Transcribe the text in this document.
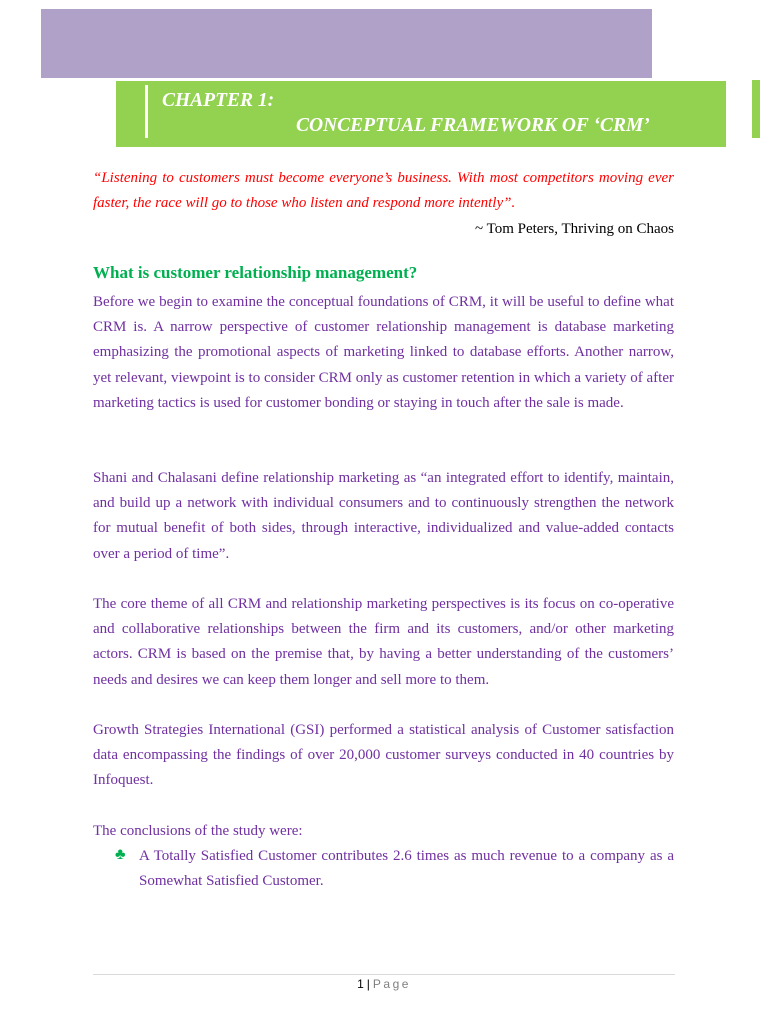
CHAPTER 1:
CONCEPTUAL FRAMEWORK OF ‘CRM’
“Listening to customers must become everyone’s business. With most competitors moving ever faster, the race will go to those who listen and respond more intently”.
~ Tom Peters, Thriving on Chaos
What is customer relationship management?

Before we begin to examine the conceptual foundations of CRM, it will be useful to define what CRM is. A narrow perspective of customer relationship management is database marketing emphasizing the promotional aspects of marketing linked to database efforts. Another narrow, yet relevant, viewpoint is to consider CRM only as customer retention in which a variety of after marketing tactics is used for customer bonding or staying in touch after the sale is made.

Shani and Chalasani define relationship marketing as “an integrated effort to identify, maintain, and build up a network with individual consumers and to continuously strengthen the network for mutual benefit of both sides, through interactive, individualized and value-added contacts over a period of time”.

The core theme of all CRM and relationship marketing perspectives is its focus on co-operative and collaborative relationships between the firm and its customers, and/or other marketing actors. CRM is based on the premise that, by having a better understanding of the customers’ needs and desires we can keep them longer and sell more to them.

Growth Strategies International (GSI) performed a statistical analysis of Customer satisfaction data encompassing the findings of over 20,000 customer surveys conducted in 40 countries by Infoquest.

The conclusions of the study were:

♣ A Totally Satisfied Customer contributes 2.6 times as much revenue to a company as a Somewhat Satisfied Customer.

1 | Page
